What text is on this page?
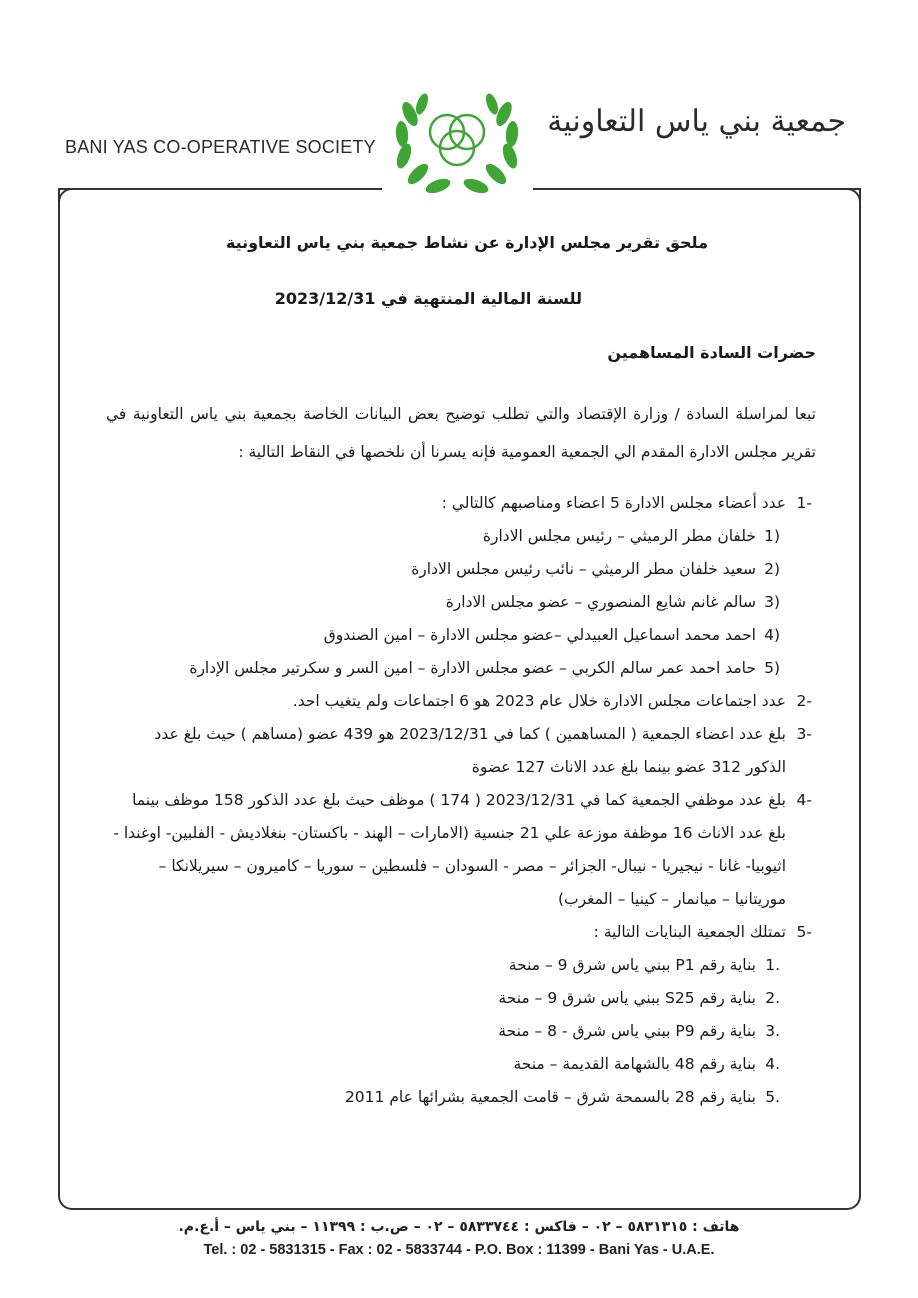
BANI YAS CO-OPERATIVE SOCIETY
جمعية بني ياس التعاونية
ملحق تقرير مجلس الإدارة عن نشاط جمعية بني ياس التعاونية
للسنة المالية المنتهية في 2023/12/31
حضرات السادة المساهمين
تبعا لمراسلة السادة / وزارة الإقتصاد والتي تطلب توضيح بعض البيانات الخاصة بجمعية بني ياس التعاونية في تقرير مجلس الادارة المقدم الي الجمعية العمومية فإنه يسرنا أن نلخصها في النقاط التالية :
-1
عدد أعضاء مجلس الادارة 5 اعضاء ومناصبهم كالتالي :
(1
خلفان مطر الرميثي – رئيس مجلس الادارة
(2
سعيد خلفان مطر الرميثي – نائب رئيس مجلس الادارة
(3
سالم غانم شايع المنصوري – عضو مجلس الادارة
(4
احمد محمد اسماعيل العبيدلي –عضو مجلس الادارة – امين الصندوق
(5
حامد احمد عمر سالم الكربي – عضو مجلس الادارة – امين السر و سكرتير مجلس الإدارة
-2
عدد اجتماعات مجلس الادارة خلال عام 2023 هو 6 اجتماعات ولم يتغيب احد.
-3
بلغ عدد اعضاء الجمعية ( المساهمين ) كما في 2023/12/31 هو 439 عضو (مساهم ) حيث بلغ عدد الذكور 312 عضو بينما بلغ عدد الاناث 127 عضوة
-4
بلغ عدد موظفي الجمعية كما في 2023/12/31 ( 174 ) موظف حيث بلغ عدد الذكور 158 موظف بينما بلغ عدد الاناث 16 موظفة موزعة علي 21 جنسية (الامارات – الهند - باكستان- بنغلاديش - الفلبين- اوغندا - اثيوبيا- غانا - نيجيريا - نيبال- الجزائر – مصر - السودان – فلسطين – سوريا – كاميرون – سيريلانكا – موريتانيا – ميانمار – كينيا – المغرب)
-5
تمتلك الجمعية البنايات التالية :
.1
بناية رقم P1 ببني ياس شرق 9 – منحة
.2
بناية رقم S25 ببني ياس شرق 9 – منحة
.3
بناية رقم P9 ببني ياس شرق - 8 – منحة
.4
بناية رقم 48 بالشهامة القديمة – منحة
.5
بناية رقم 28 بالسمحة شرق – قامت الجمعية بشرائها عام 2011
هاتف : ٥٨٣١٣١٥ – ٠٢ – فاكس : ٥٨٣٣٧٤٤ – ٠٢ – ص.ب : ١١٣٩٩ – بني ياس – أ.ع.م.
Tel. : 02 - 5831315 - Fax : 02 - 5833744 - P.O. Box : 11399 - Bani Yas - U.A.E.
